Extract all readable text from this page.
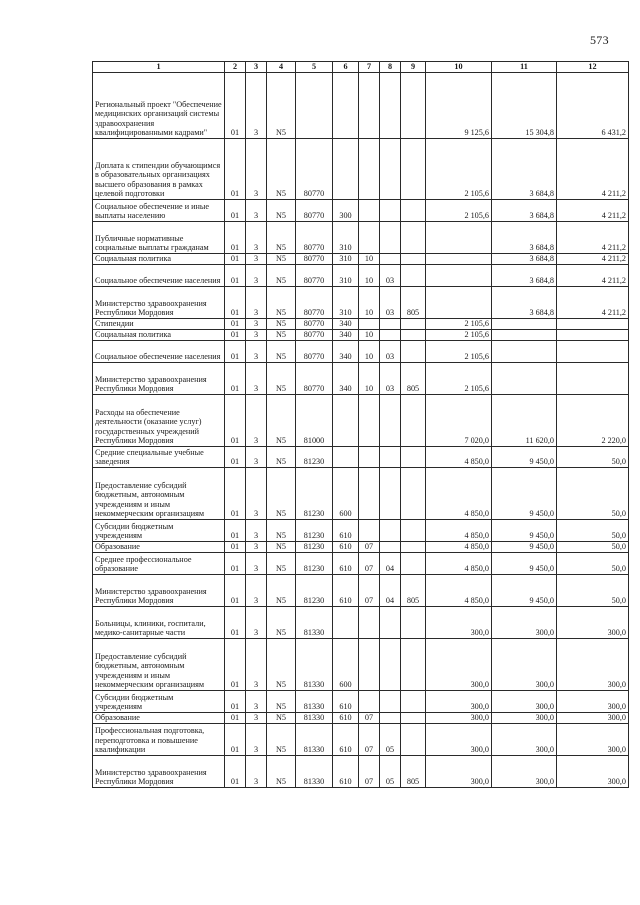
573
1	2	3	4	5	6	7	8	9	10	11	12
Региональный проект "Обеспечение медицинских организаций системы здравоохранения квалифицированными кадрами"	01	3	N5						9 125,6	15 304,8	6 431,2
Доплата к стипендии обучающимся в образовательных организациях высшего образования в рамках целевой подготовки	01	3	N5	80770					2 105,6	3 684,8	4 211,2
Социальное обеспечение и иные выплаты населению	01	3	N5	80770	300				2 105,6	3 684,8	4 211,2
Публичные нормативные социальные выплаты гражданам	01	3	N5	80770	310					3 684,8	4 211,2
Социальная политика	01	3	N5	80770	310	10				3 684,8	4 211,2
Социальное обеспечение населения	01	3	N5	80770	310	10	03			3 684,8	4 211,2
Министерство здравоохранения Республики Мордовия	01	3	N5	80770	310	10	03	805		3 684,8	4 211,2
Стипендии	01	3	N5	80770	340				2 105,6		
Социальная политика	01	3	N5	80770	340	10			2 105,6		
Социальное обеспечение населения	01	3	N5	80770	340	10	03		2 105,6		
Министерство здравоохранения Республики Мордовия	01	3	N5	80770	340	10	03	805	2 105,6		
Расходы на обеспечение деятельности (оказание услуг) государственных учреждений Республики Мордовия	01	3	N5	81000					7 020,0	11 620,0	2 220,0
Средние специальные учебные заведения	01	3	N5	81230					4 850,0	9 450,0	50,0
Предоставление субсидий бюджетным, автономным учреждениям и иным некоммерческим организациям	01	3	N5	81230	600				4 850,0	9 450,0	50,0
Субсидии бюджетным учреждениям	01	3	N5	81230	610				4 850,0	9 450,0	50,0
Образование	01	3	N5	81230	610	07			4 850,0	9 450,0	50,0
Среднее профессиональное образование	01	3	N5	81230	610	07	04		4 850,0	9 450,0	50,0
Министерство здравоохранения Республики Мордовия	01	3	N5	81230	610	07	04	805	4 850,0	9 450,0	50,0
Больницы, клиники, госпитали, медико-санитарные части	01	3	N5	81330					300,0	300,0	300,0
Предоставление субсидий бюджетным, автономным учреждениям и иным некоммерческим организациям	01	3	N5	81330	600				300,0	300,0	300,0
Субсидии бюджетным учреждениям	01	3	N5	81330	610				300,0	300,0	300,0
Образование	01	3	N5	81330	610	07			300,0	300,0	300,0
Профессиональная подготовка, переподготовка и повышение квалификации	01	3	N5	81330	610	07	05		300,0	300,0	300,0
Министерство здравоохранения Республики Мордовия	01	3	N5	81330	610	07	05	805	300,0	300,0	300,0
